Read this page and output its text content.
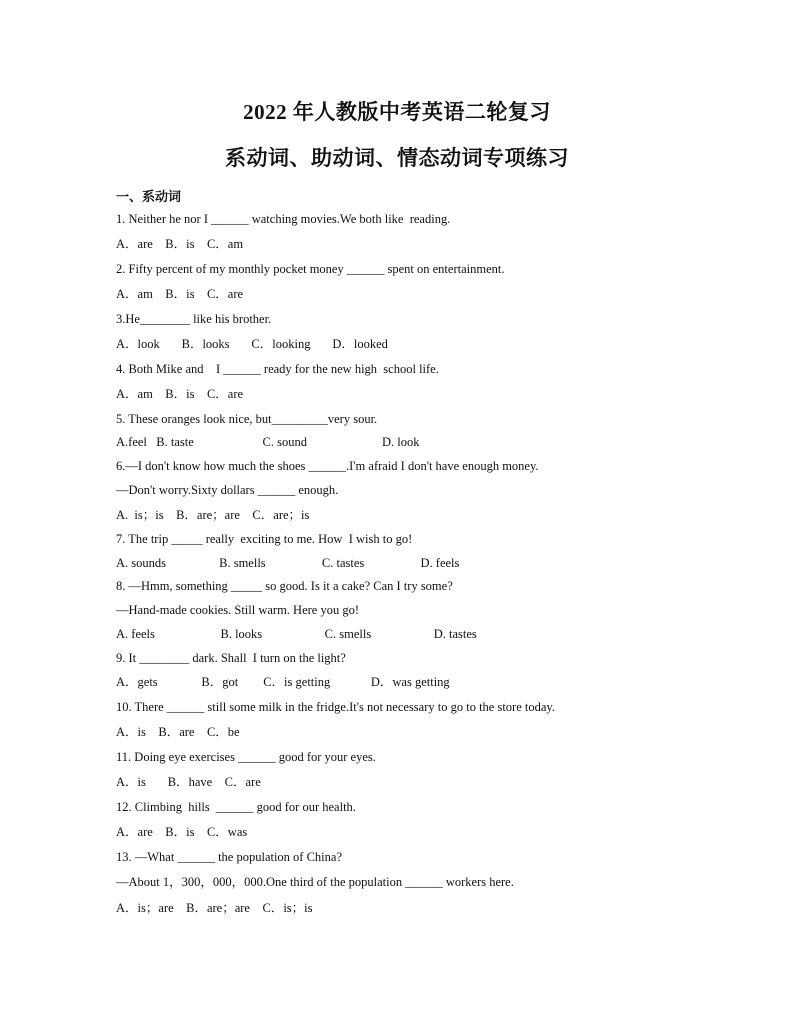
2022 年人教版中考英语二轮复习
系动词、助动词、情态动词专项练习
一、系动词
1. Neither he nor I ______ watching movies.We both like  reading.
A．are    B．is    C．am
2. Fifty percent of my monthly pocket money ______ spent on entertainment.
A．am    B．is    C．are
3.He________ like his brother.
A．look       B．looks       C．looking       D．looked
4. Both Mike and    I ______ ready for the new high  school life.
A．am    B．is    C．are
5. These oranges look nice, but_________very sour.
A.feel   B. taste                      C. sound                        D. look
6.—I don't know how much the shoes ______.I'm afraid I don't have enough money.
—Don't worry.Sixty dollars ______ enough.
A.  is；is    B．are；are    C．are；is
7. The trip _____ really  exciting to me. How  I wish to go!
A. sounds                 B. smells                  C. tastes                  D. feels
8. —Hmm, something _____ so good. Is it a cake? Can I try some?
—Hand-made cookies. Still warm. Here you go!
A. feels                     B. looks                    C. smells                    D. tastes
9. It ________ dark. Shall  I turn on the light?
A．gets              B．got        C．is getting             D．was getting
10. There ______ still some milk in the fridge.It's not necessary to go to the store today.
A．is    B．are    C．be
11. Doing eye exercises ______ good for your eyes.
A．is       B．have    C．are
12. Climbing  hills  ______ good for our health.
A．are    B．is    C．was
13. —What ______ the population of China?
—About 1，300，000，000.One third of the population ______ workers here.
A．is；are    B．are；are    C．is；is
